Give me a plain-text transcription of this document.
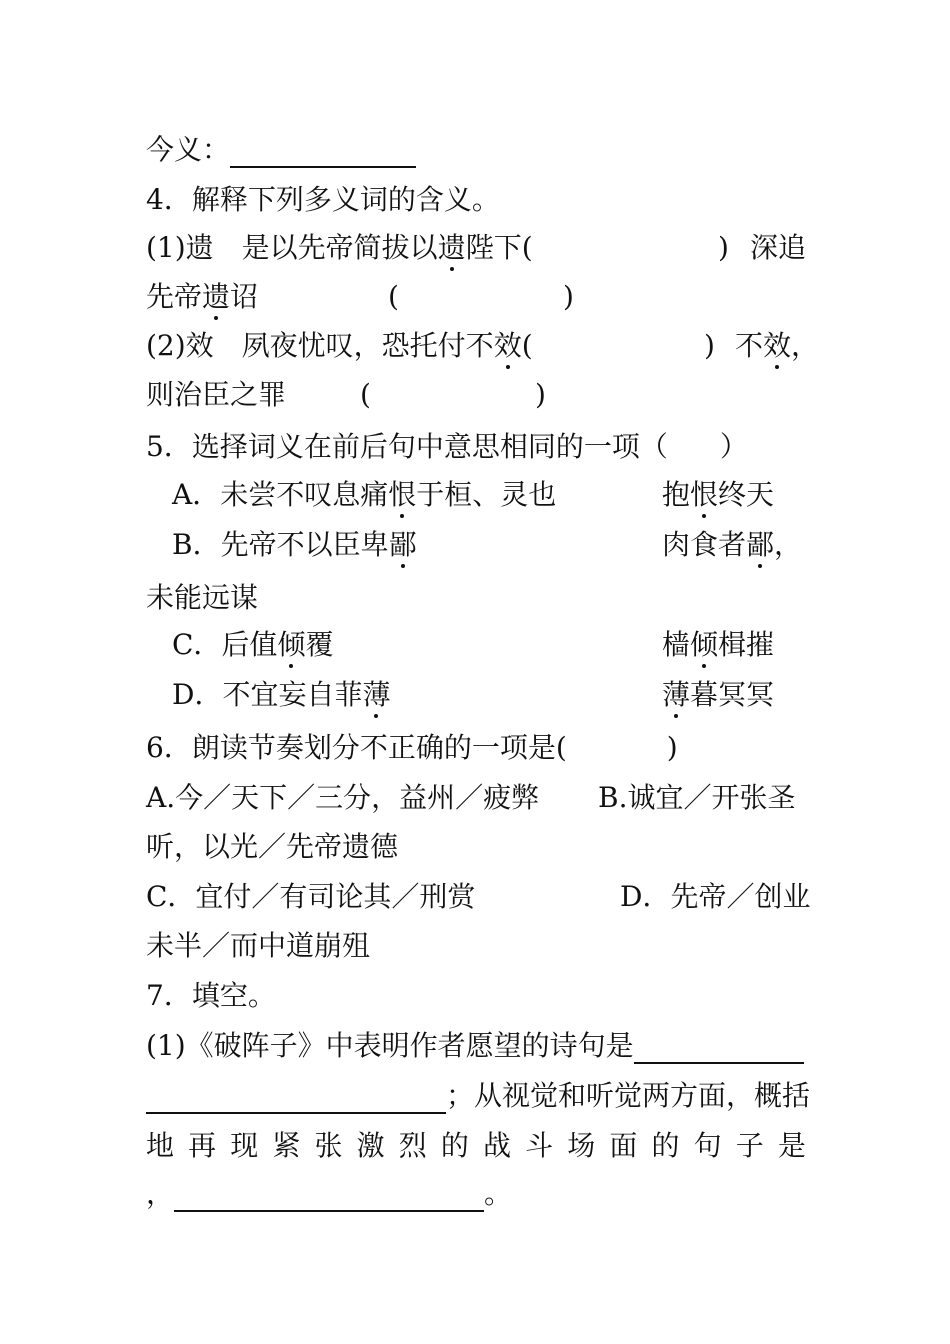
今义：
4．解释下列多义词的含义。
(1)遗 是以先帝简拔以遗陛下(	) 深追
先帝遗诏	(	)
(2)效 夙夜忧叹，恐托付不效(	) 不效，
则治臣之罪	(	)
5．选择词义在前后句中意思相同的一项（ ）
A．未尝不叹息痛恨于桓、灵也	抱恨终天
B．先帝不以臣卑鄙	肉食者鄙，
未能远谋
C．后值倾覆	樯倾楫摧
D．不宜妄自菲薄	薄暮冥冥
6．朗读节奏划分不正确的一项是(	)
A.今／天下／三分，益州／疲弊	B.诚宜／开张圣
听，以光／先帝遗德
C．宜付／有司论其／刑赏	D．先帝／创业
未半／而中道崩殂
7．填空。
(1)《破阵子》中表明作者愿望的诗句是
；从视觉和听觉两方面，概括
地 再 现 紧 张 激 烈 的 战 斗 场 面 的 句 子 是
，	。
